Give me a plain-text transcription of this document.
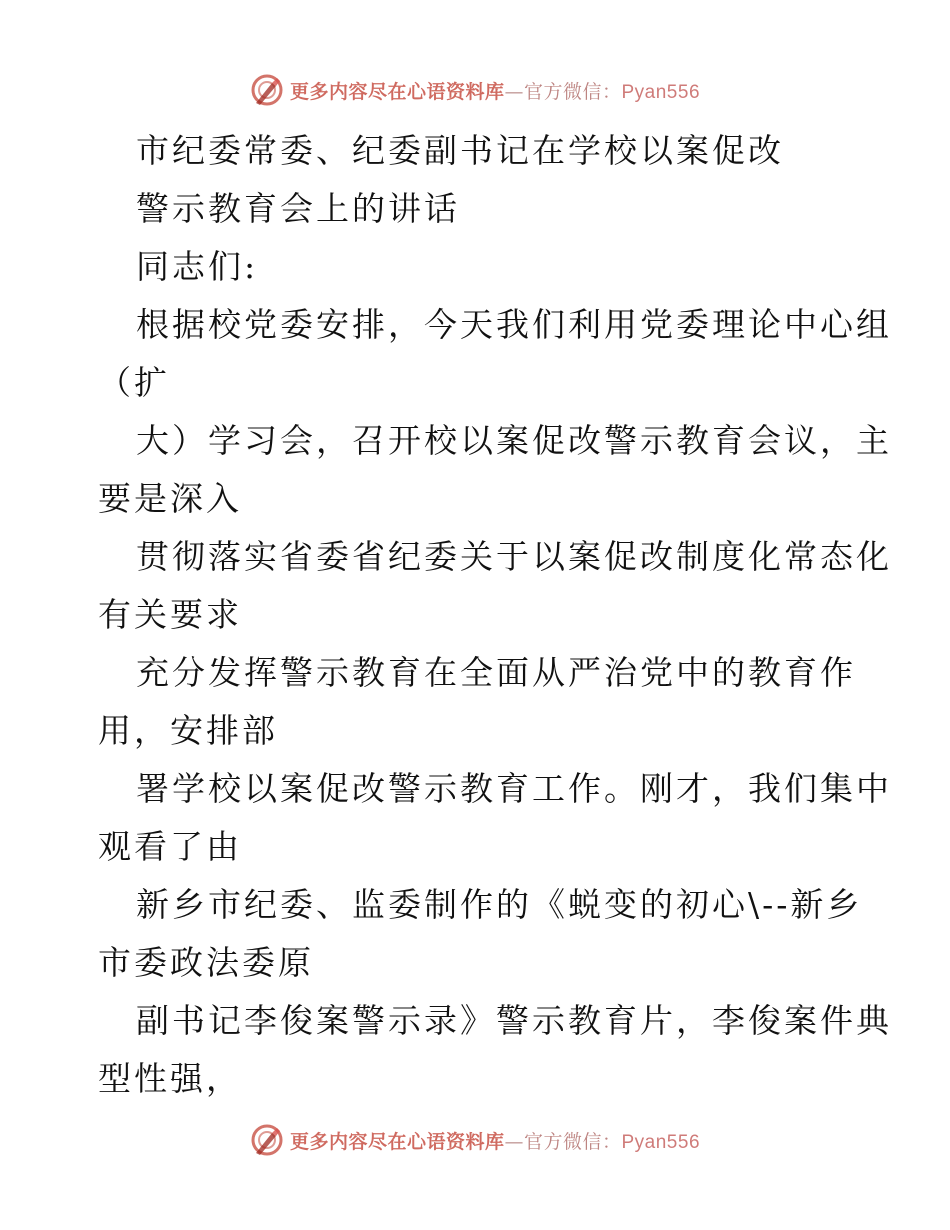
更多内容尽在心语资料库—官方微信：Pyan556
市纪委常委、纪委副书记在学校以案促改
警示教育会上的讲话
同志们:
根据校党委安排，今天我们利用党委理论中心组
（扩
大）学习会，召开校以案促改警示教育会议，主
要是深入
贯彻落实省委省纪委关于以案促改制度化常态化
有关要求
充分发挥警示教育在全面从严治党中的教育作
用，安排部
署学校以案促改警示教育工作。刚才，我们集中
观看了由
新乡市纪委、监委制作的《蜕变的初心\--新乡
市委政法委原
副书记李俊案警示录》警示教育片，李俊案件典
型性强，
更多内容尽在心语资料库—官方微信：Pyan556
